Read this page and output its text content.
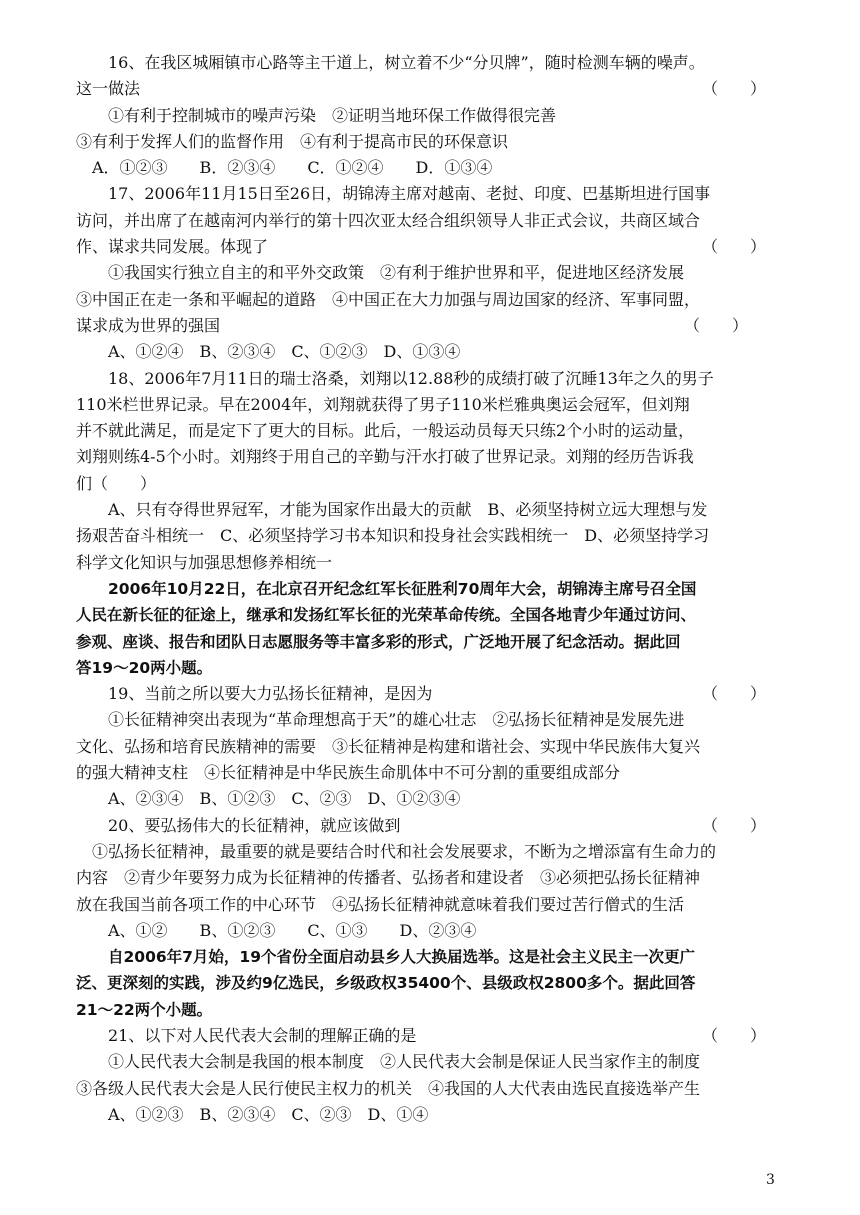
16、在我区城厢镇市心路等主干道上，树立着不少“分贝牌”，随时检测车辆的噪声。
这一做法	（　　）
①有利于控制城市的噪声污染　②证明当地环保工作做得很完善
③有利于发挥人们的监督作用　④有利于提高市民的环保意识
A．①②③　　B．②③④　　C．①②④　　D．①③④
17、2006年11月15日至26日，胡锦涛主席对越南、老挝、印度、巴基斯坦进行国事
访问，并出席了在越南河内举行的第十四次亚太经合组织领导人非正式会议，共商区域合
作、谋求共同发展。体现了	（　　）
①我国实行独立自主的和平外交政策　②有利于维护世界和平，促进地区经济发展
③中国正在走一条和平崛起的道路　④中国正在大力加强与周边国家的经济、军事同盟，
谋求成为世界的强国	（　　）
A、①②④　B、②③④　C、①②③　D、①③④
18、2006年7月11日的瑞士洛桑，刘翔以12.88秒的成绩打破了沉睡13年之久的男子
110米栏世界记录。早在2004年，刘翔就获得了男子110米栏雅典奥运会冠军，但刘翔
并不就此满足，而是定下了更大的目标。此后，一般运动员每天只练2个小时的运动量，
刘翔则练4-5个小时。刘翔终于用自己的辛勤与汗水打破了世界记录。刘翔的经历告诉我
们（　　）
A、只有夺得世界冠军，才能为国家作出最大的贡献　B、必须坚持树立远大理想与发
扬艰苦奋斗相统一　C、必须坚持学习书本知识和投身社会实践相统一　D、必须坚持学习
科学文化知识与加强思想修养相统一
2006年10月22日，在北京召开纪念红军长征胜利70周年大会，胡锦涛主席号召全国
人民在新长征的征途上，继承和发扬红军长征的光荣革命传统。全国各地青少年通过访问、
参观、座谈、报告和团队日志愿服务等丰富多彩的形式，广泛地开展了纪念活动。据此回
答19～20两小题。
19、当前之所以要大力弘扬长征精神，是因为	（　　）
①长征精神突出表现为“革命理想高于天”的雄心壮志　②弘扬长征精神是发展先进
文化、弘扬和培育民族精神的需要　③长征精神是构建和谐社会、实现中华民族伟大复兴
的强大精神支柱　④长征精神是中华民族生命肌体中不可分割的重要组成部分
A、②③④　B、①②③　C、②③　D、①②③④
20、要弘扬伟大的长征精神，就应该做到	（　　）
①弘扬长征精神，最重要的就是要结合时代和社会发展要求，不断为之增添富有生命力的
内容　②青少年要努力成为长征精神的传播者、弘扬者和建设者　③必须把弘扬长征精神
放在我国当前各项工作的中心环节　④弘扬长征精神就意味着我们要过苦行僧式的生活
A、①②　　B、①②③　　C、①③　　D、②③④
自2006年7月始，19个省份全面启动县乡人大换届选举。这是社会主义民主一次更广
泛、更深刻的实践，涉及约9亿选民，乡级政权35400个、县级政权2800多个。据此回答
21～22两个小题。
21、以下对人民代表大会制的理解正确的是	（　　）
①人民代表大会制是我国的根本制度　②人民代表大会制是保证人民当家作主的制度
③各级人民代表大会是人民行使民主权力的机关　④我国的人大代表由选民直接选举产生
A、①②③　B、②③④　C、②③　D、①④
3
